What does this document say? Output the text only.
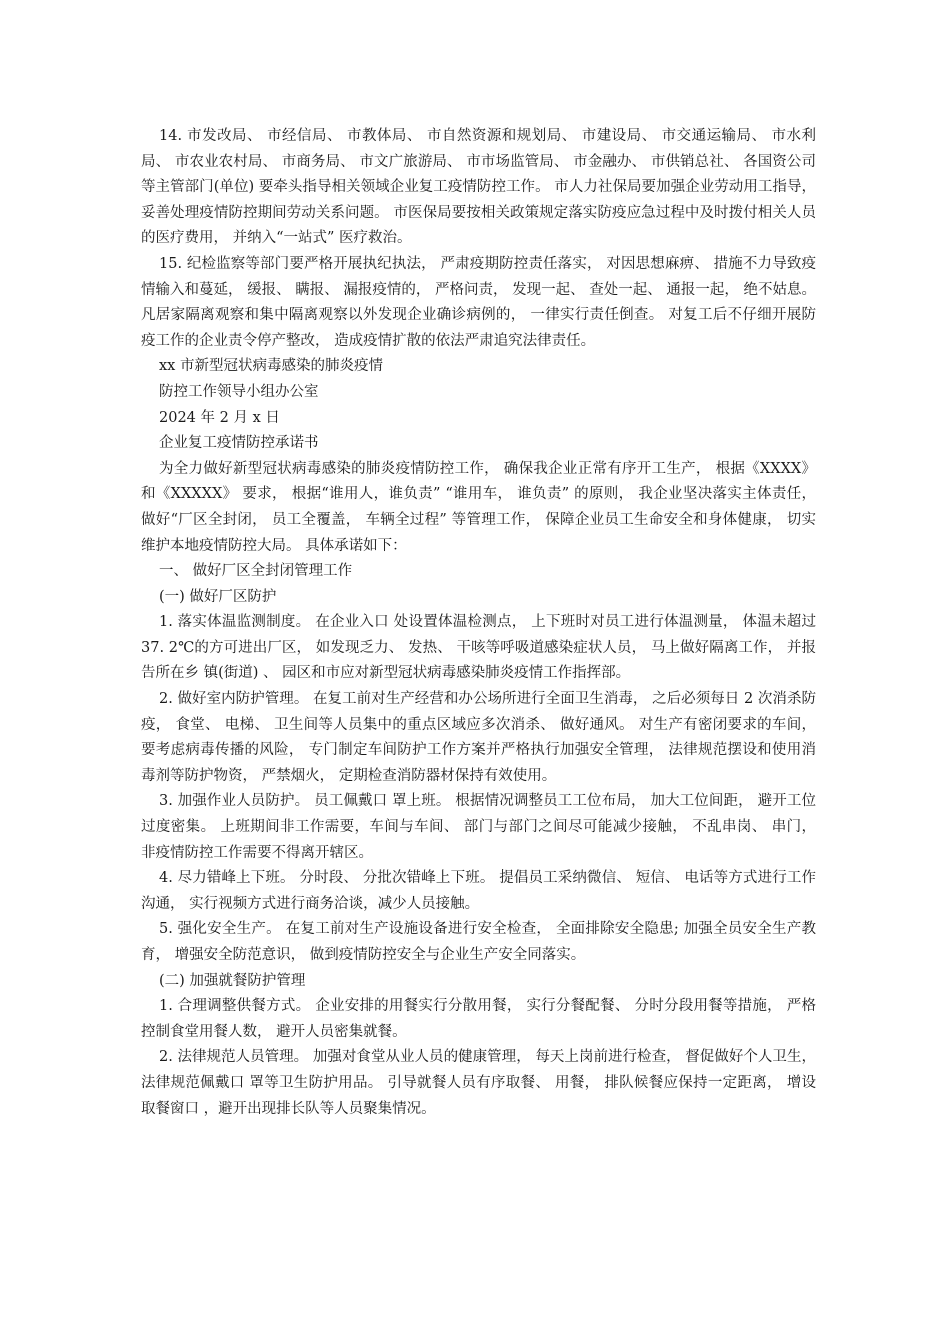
14. 市发改局、 市经信局、 市教体局、 市自然资源和规划局、 市建设局、 市交通运输局、 市水利局、 市农业农村局、 市商务局、 市文广旅游局、 市市场监管局、 市金融办、 市供销总社、 各国资公司等主管部门(单位) 要牵头指导相关领域企业复工疫情防控工作。 市人力社保局要加强企业劳动用工指导， 妥善处理疫情防控期间劳动关系问题。 市医保局要按相关政策规定落实防疫应急过程中及时拨付相关人员的医疗费用， 并纳入“一站式” 医疗救治。

15. 纪检监察等部门要严格开展执纪执法， 严肃疫期防控责任落实， 对因思想麻痹、 措施不力导致疫情输入和蔓延， 缓报、 瞒报、 漏报疫情的， 严格问责， 发现一起、 查处一起、 通报一起， 绝不姑息。凡居家隔离观察和集中隔离观察以外发现企业确诊病例的， 一律实行责任倒查。 对复工后不仔细开展防疫工作的企业责令停产整改， 造成疫情扩散的依法严肃追究法律责任。

xx 市新型冠状病毒感染的肺炎疫情

防控工作领导小组办公室

2024 年 2 月 x 日

企业复工疫情防控承诺书

为全力做好新型冠状病毒感染的肺炎疫情防控工作， 确保我企业正常有序开工生产， 根据《XXXX》 和《XXXXX》 要求， 根据“谁用人，谁负责” “谁用车， 谁负责” 的原则， 我企业坚决落实主体责任， 做好“厂区全封闭， 员工全覆盖， 车辆全过程” 等管理工作， 保障企业员工生命安全和身体健康， 切实维护本地疫情防控大局。 具体承诺如下：

一、 做好厂区全封闭管理工作

(一) 做好厂区防护

1. 落实体温监测制度。 在企业入口 处设置体温检测点， 上下班时对员工进行体温测量， 体温未超过 37. 2℃的方可进出厂区， 如发现乏力、 发热、 干咳等呼吸道感染症状人员， 马上做好隔离工作， 并报告所在乡 镇(街道) 、 园区和市应对新型冠状病毒感染肺炎疫情工作指挥部。

2. 做好室内防护管理。 在复工前对生产经营和办公场所进行全面卫生消毒， 之后必须每日 2 次消杀防疫， 食堂、 电梯、 卫生间等人员集中的重点区域应多次消杀、 做好通风。 对生产有密闭要求的车间，要考虑病毒传播的风险， 专门制定车间防护工作方案并严格执行加强安全管理， 法律规范摆设和使用消毒剂等防护物资， 严禁烟火， 定期检查消防器材保持有效使用。

3. 加强作业人员防护。 员工佩戴口 罩上班。 根据情况调整员工工位布局， 加大工位间距， 避开工位过度密集。 上班期间非工作需要，车间与车间、 部门与部门之间尽可能减少接触， 不乱串岗、 串门， 非疫情防控工作需要不得离开辖区。

4. 尽力错峰上下班。 分时段、 分批次错峰上下班。 提倡员工采纳微信、 短信、 电话等方式进行工作沟通， 实行视频方式进行商务洽谈，减少人员接触。

5. 强化安全生产。 在复工前对生产设施设备进行安全检查， 全面排除安全隐患; 加强全员安全生产教育， 增强安全防范意识， 做到疫情防控安全与企业生产安全同落实。

(二) 加强就餐防护管理

1. 合理调整供餐方式。 企业安排的用餐实行分散用餐， 实行分餐配餐、 分时分段用餐等措施， 严格控制食堂用餐人数， 避开人员密集就餐。

2. 法律规范人员管理。 加强对食堂从业人员的健康管理， 每天上岗前进行检查， 督促做好个人卫生， 法律规范佩戴口 罩等卫生防护用品。 引导就餐人员有序取餐、 用餐， 排队候餐应保持一定距离， 增设取餐窗口 ，避开出现排长队等人员聚集情况。
